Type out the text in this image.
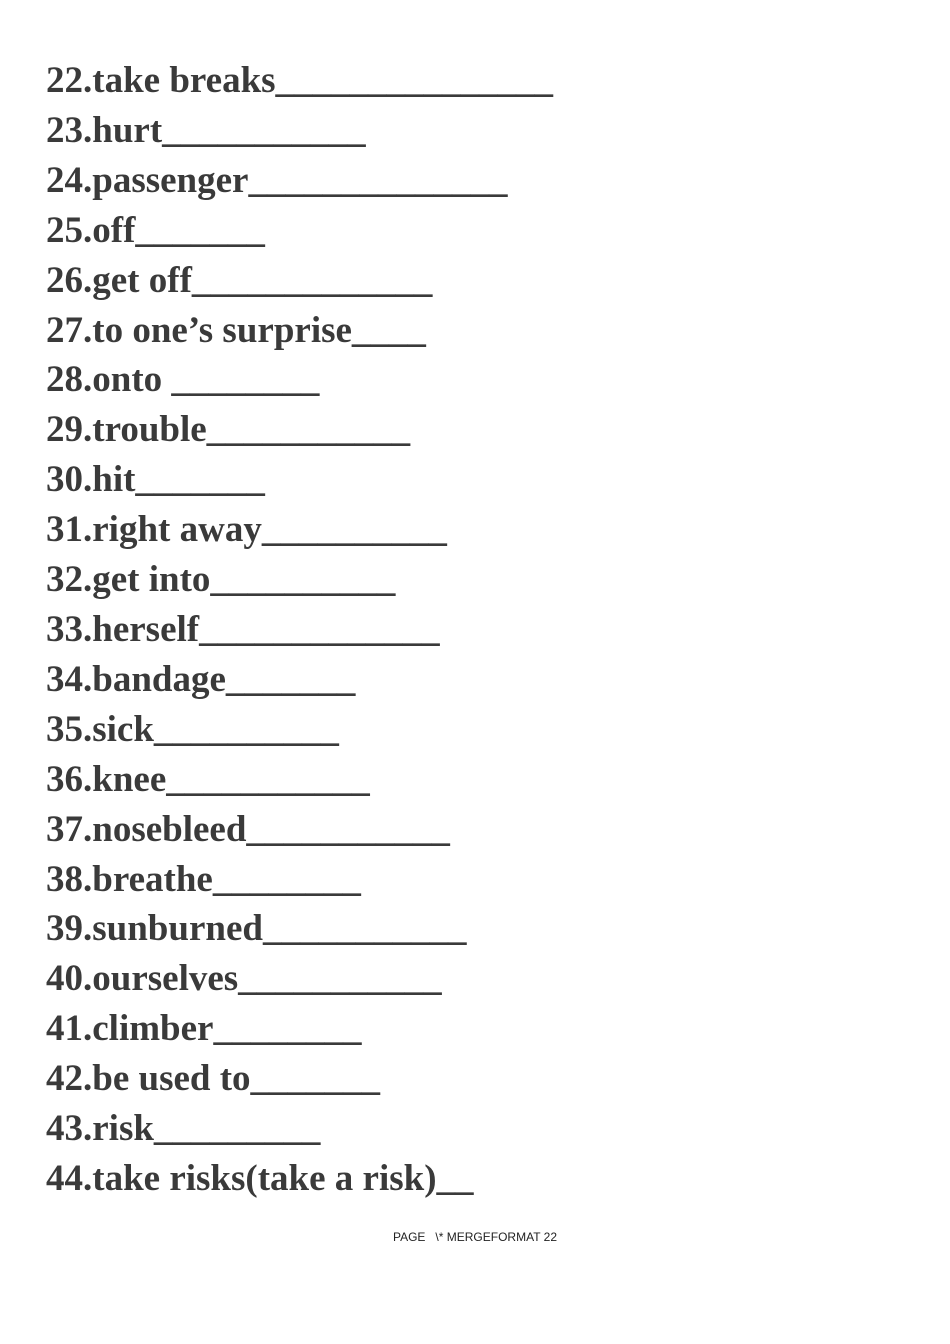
22.take breaks_______________

23.hurt___________

24.passenger______________

25.off_______

26.get off_____________

27.to one’s surprise____

28.onto ________

29.trouble___________

30.hit_______

31.right away__________

32.get into__________

33.herself_____________

34.bandage_______

35.sick__________

36.knee___________

37.nosebleed___________

38.breathe________

39.sunburned___________

40.ourselves___________

41.climber________

42.be used to_______

43.risk_________

44.take risks(take a risk)__

PAGE   \* MERGEFORMAT 22
